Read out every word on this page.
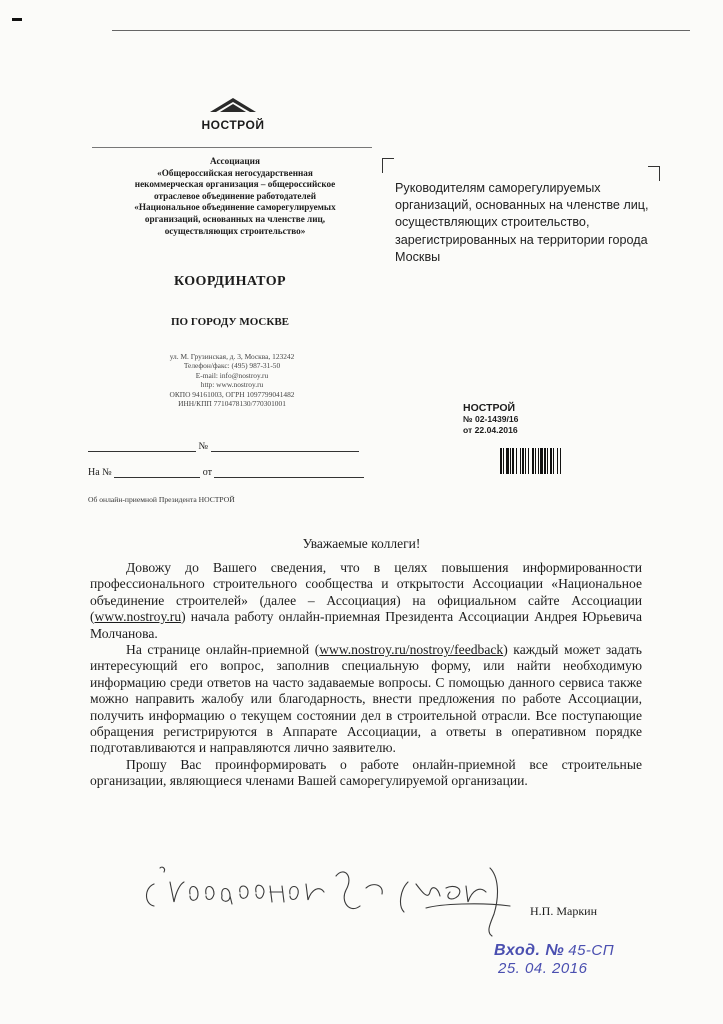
НОСТРОЙ
Ассоциация
«Общероссийская негосударственная
некоммерческая организация – общероссийское
отраслевое объединение работодателей
«Национальное объединение саморегулируемых
организаций, основанных на членстве лиц,
осуществляющих строительство»
КООРДИНАТОР
ПО ГОРОДУ МОСКВЕ
ул. М. Грузинская, д. 3, Москва, 123242
Телефон/факс: (495) 987-31-50
E-mail: info@nostroy.ru
http: www.nostroy.ru
ОКПО 94161003, ОГРН 1097799041482
ИНН/КПП 7710478130/770301001
№
На №	от
Об онлайн-приемной Президента НОСТРОЙ
Руководителям саморегулируемых организаций, основанных на членстве лиц, осуществляющих строительство, зарегистрированных на территории города Москвы
НОСТРОЙ
№ 02-1439/16
от 22.04.2016
Уважаемые коллеги!

Довожу до Вашего сведения, что в целях повышения информированности профессионального строительного сообщества и открытости Ассоциации «Национальное объединение строителей» (далее – Ассоциация) на официальном сайте Ассоциации (www.nostroy.ru) начала работу онлайн-приемная Президента Ассоциации Андрея Юрьевича Молчанова.

На странице онлайн-приемной (www.nostroy.ru/nostroy/feedback) каждый может задать интересующий его вопрос, заполнив специальную форму, или найти необходимую информацию среди ответов на часто задаваемые вопросы. С помощью данного сервиса также можно направить жалобу или благодарность, внести предложения по работе Ассоциации, получить информацию о текущем состоянии дел в строительной отрасли. Все поступающие обращения регистрируются в Аппарате Ассоциации, а ответы в оперативном порядке подготавливаются и направляются лично заявителю.

Прошу Вас проинформировать о работе онлайн-приемной все строительные организации, являющиеся членами Вашей саморегулируемой организации.

Н.П. Маркин
Вход. № 45-СП
25. 04. 2016
